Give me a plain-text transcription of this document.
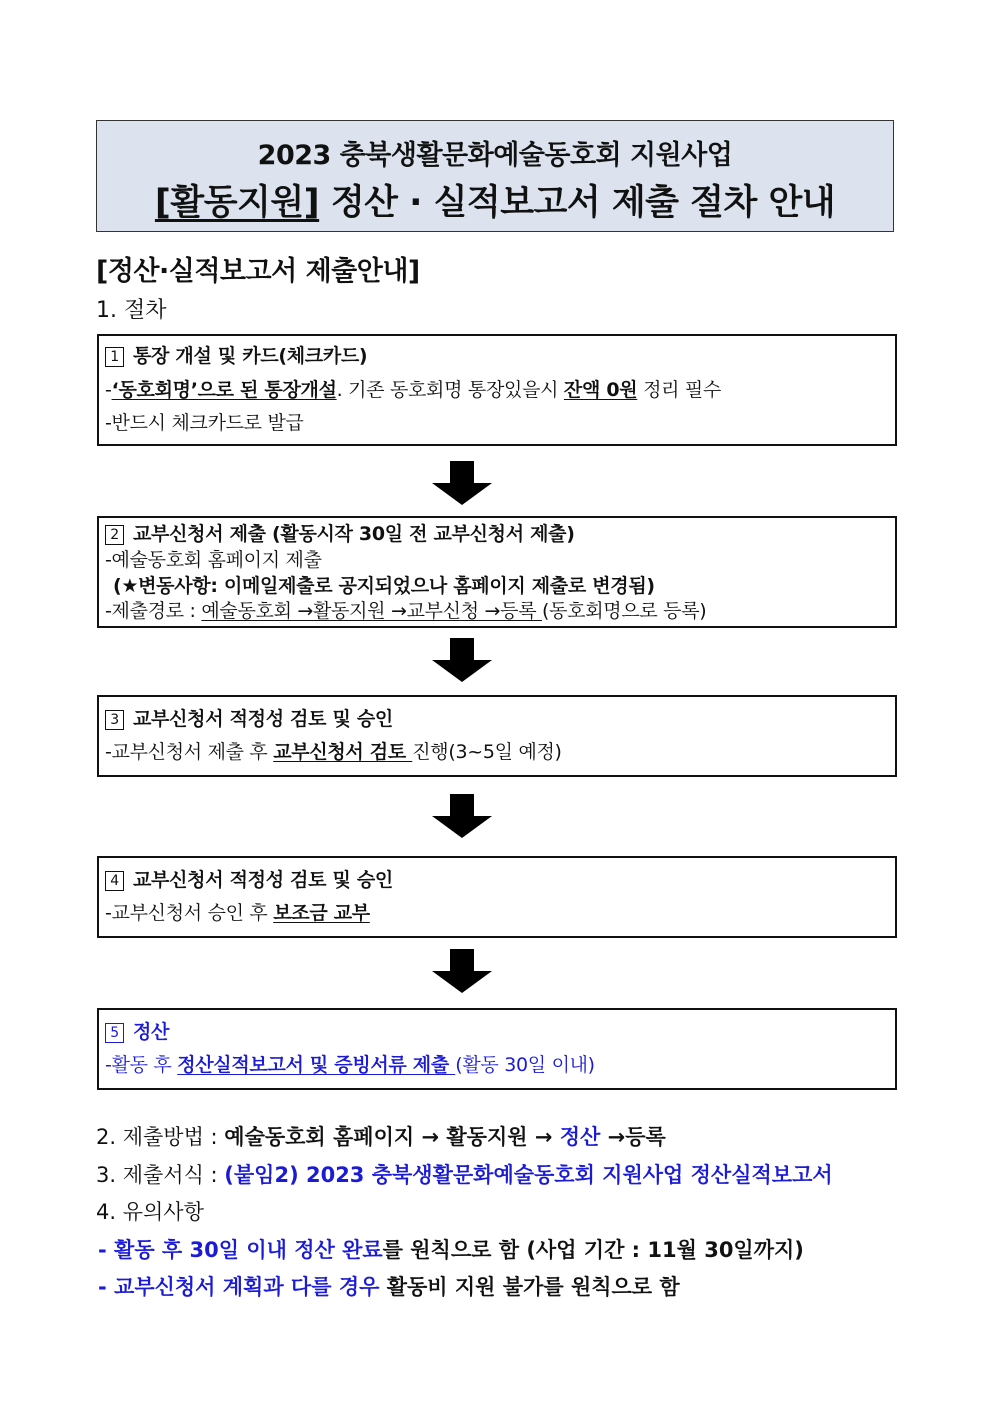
2023 충북생활문화예술동호회 지원사업
[활동지원] 정산 · 실적보고서 제출 절차 안내
[정산·실적보고서 제출안내]
1. 절차
1 통장 개설 및 카드(체크카드)
-‘동호회명’으로 된 통장개설. 기존 동호회명 통장있을시 잔액 0원 정리 필수
-반드시 체크카드로 발급
2 교부신청서 제출 (활동시작 30일 전 교부신청서 제출)
-예술동호회 홈페이지 제출
(★변동사항: 이메일제출로 공지되었으나 홈페이지 제출로 변경됨)
-제출경로 : 예술동호회 →활동지원 →교부신청 →등록 (동호회명으로 등록)
3 교부신청서 적정성 검토 및 승인
-교부신청서 제출 후 교부신청서 검토 진행(3~5일 예정)
4 교부신청서 적정성 검토 및 승인
-교부신청서 승인 후 보조금 교부
5 정산
-활동 후 정산실적보고서 및 증빙서류 제출 (활동 30일 이내)
2. 제출방법 : 예술동호회 홈페이지 → 활동지원 → 정산 →등록
3. 제출서식 : (붙임2) 2023 충북생활문화예술동호회 지원사업 정산실적보고서
4. 유의사항
- 활동 후 30일 이내 정산 완료를 원칙으로 함 (사업 기간 : 11월 30일까지)
- 교부신청서 계획과 다를 경우 활동비 지원 불가를 원칙으로 함
